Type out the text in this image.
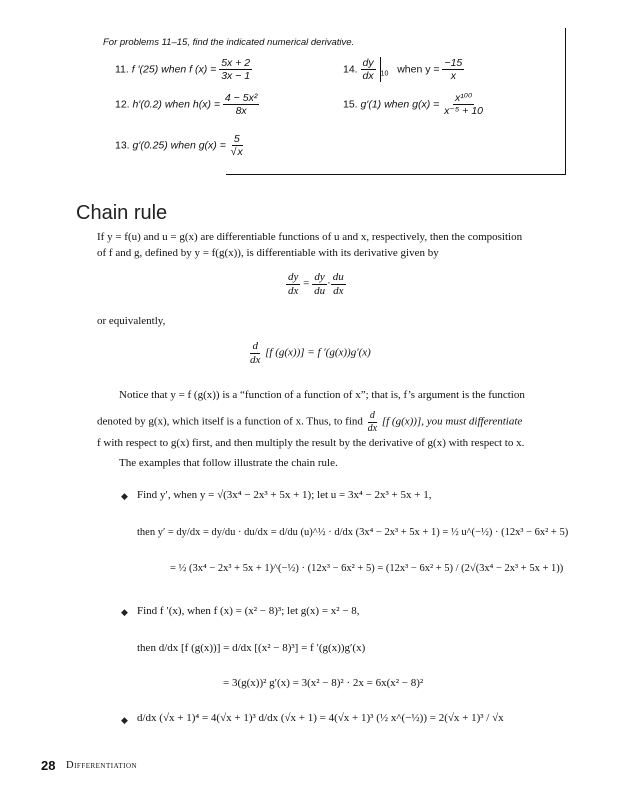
For problems 11–15, find the indicated numerical derivative.
11. f ′(25) when f $(x) = \frac{5x + 2}{3x - 1}$
12. h′(0.2) when $h(x) = \frac{\text{4 − 5x²}}{8x}$
13. g′(0.25) when $g(x) = \frac{5}{√x}$
14. $\frac{dy}{dx} _{10}$ when $y = \frac{-15}{x}$
15. g′(1) when $g(x) = \frac{\text{x¹⁰⁰}}{\text{x⁻⁵ + 10}}$
Chain rule
If y = f(u) and u = g(x) are differentiable functions of u and x, respectively, then the composition
of f and g, defined by y = f(g(x)), is differentiable with its derivative given by
$\frac{dy}{dx} = \frac{dy}{du} \cdot \frac{du}{dx}$
or equivalently,
$\frac{d}{dx} [f$ (g(x))] = f ′(g(x))g′(x)
Notice that y = f (g(x)) is a “function of a function of x”; that is, f’s argument is the function
denoted by g(x), which itself is a function of x. Thus, to find $\frac{d}{dx} [f$ (g(x))], you must differentiate
f with respect to g(x) first, and then multiply the result by the derivative of g(x) with respect to x.
The examples that follow illustrate the chain rule.
◆ Find y′, when y = √(3x⁴ − 2x³ + 5x + 1); let u = 3x⁴ − 2x³ + 5x + 1,
then y′ = dy/dx = dy/du · du/dx = d/du (u)^½ · d/dx (3x⁴ − 2x³ + 5x + 1) = ½ u^(−½) · (12x³ − 6x² + 5)
= ½ (3x⁴ − 2x³ + 5x + 1)^(−½) · (12x³ − 6x² + 5) = (12x³ − 6x² + 5) / (2√(3x⁴ − 2x³ + 5x + 1))
◆ Find f ′(x), when f (x) = (x² − 8)³; let g(x) = x² − 8,
then d/dx [f (g(x))] = d/dx [(x² − 8)³] = f ′(g(x))g′(x)
= 3(g(x))² g′(x) = 3(x² − 8)² · 2x = 6x(x² − 8)²
◆ d/dx (√x + 1)⁴ = 4(√x + 1)³ d/dx (√x + 1) = 4(√x + 1)³ (½ x^(−½)) = 2(√x + 1)³ / √x
28 Differentiation
